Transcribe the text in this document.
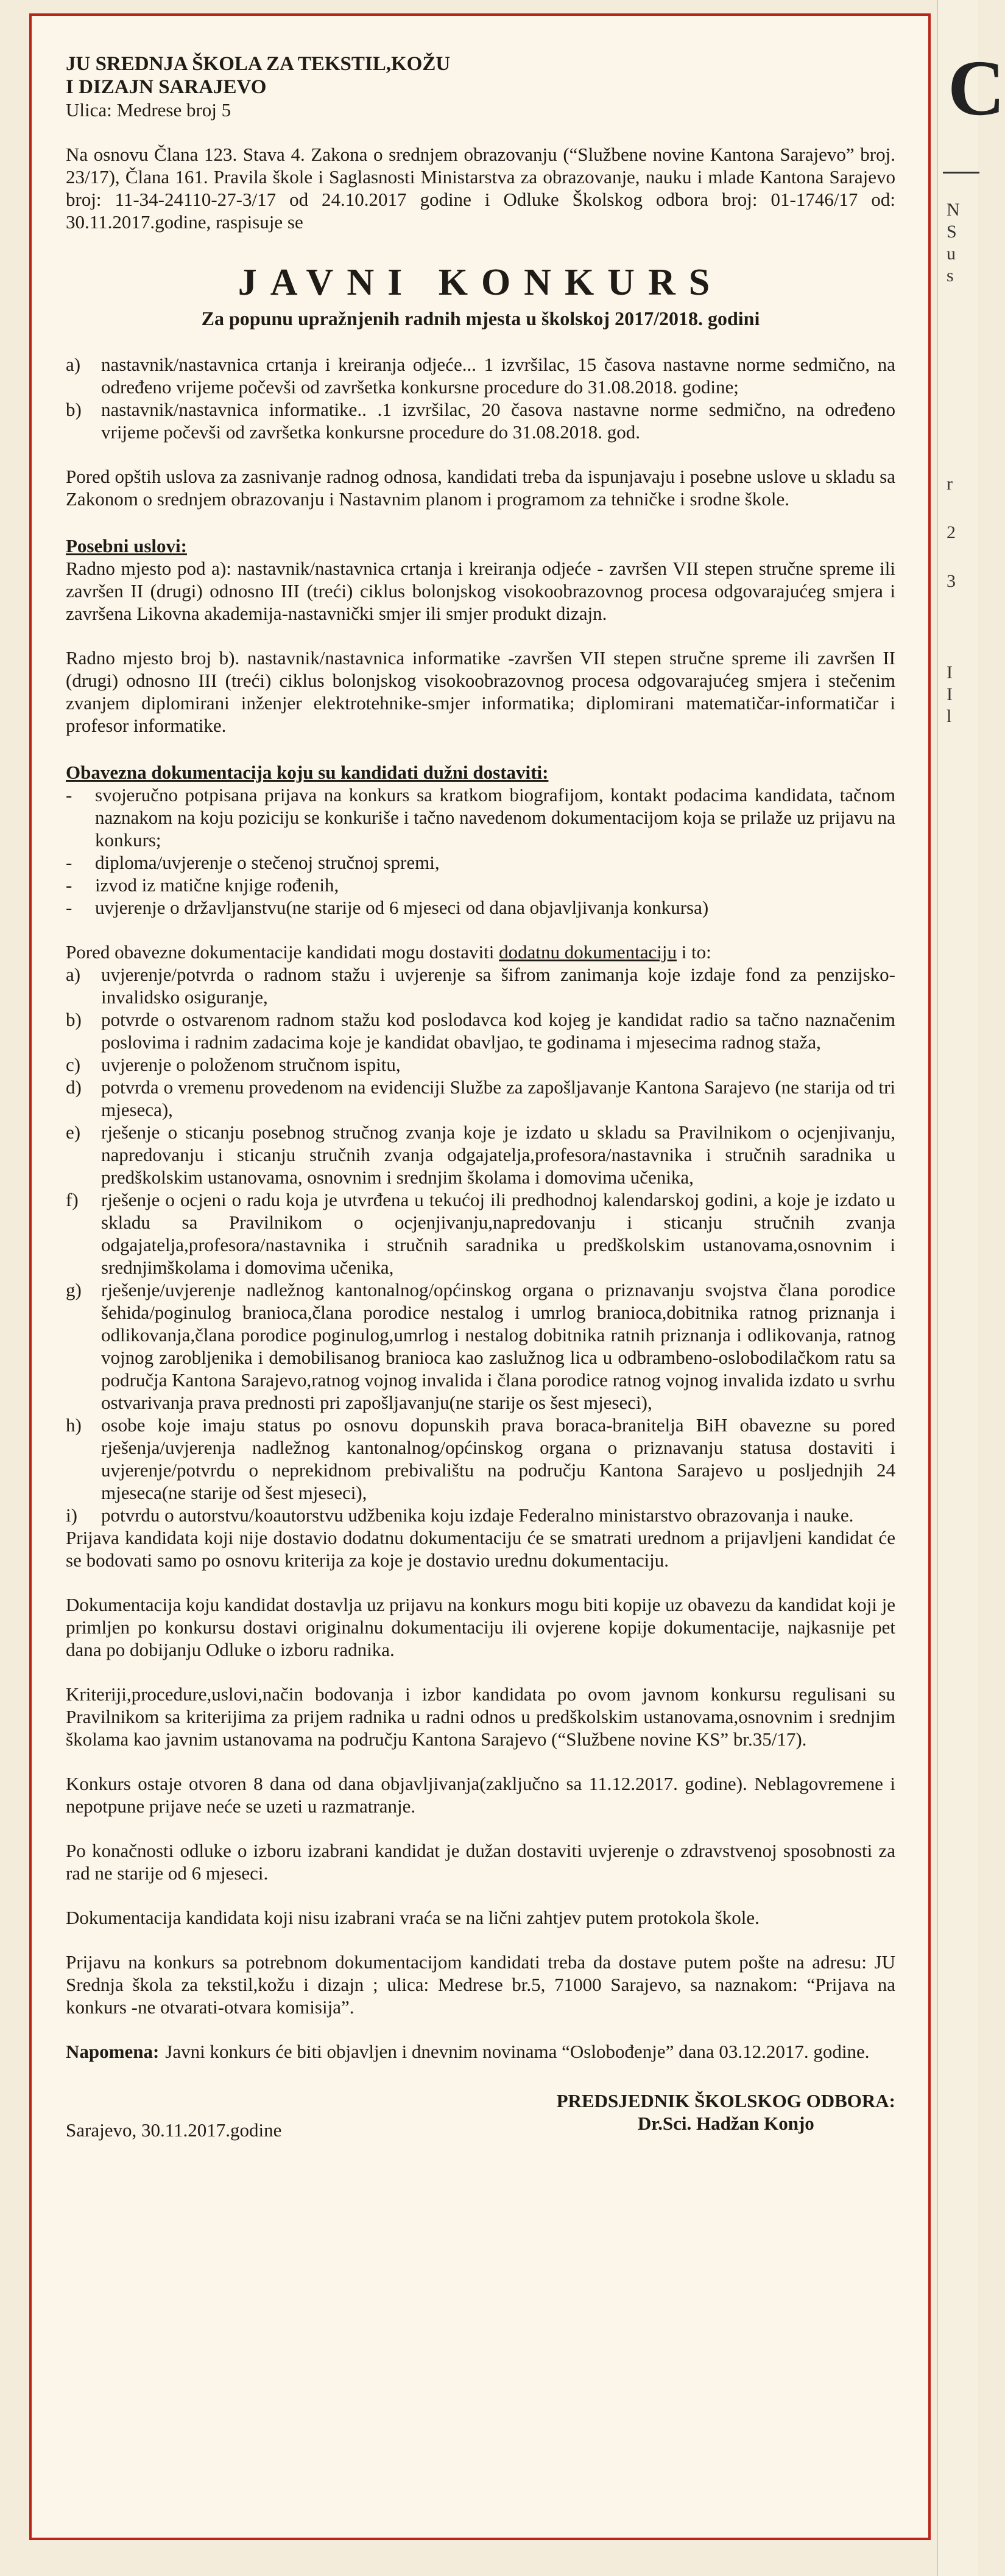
JU SREDNJA ŠKOLA ZA TEKSTIL,KOŽU
I DIZAJN SARAJEVO
Ulica: Medrese broj 5

Na osnovu Člana 123. Stava 4. Zakona o srednjem obrazovanju (“Službene novine Kantona Sarajevo” broj. 23/17), Člana 161. Pravila škole i Saglasnosti Ministarstva za obrazovanje, nauku i mlade Kantona Sarajevo broj: 11-34-24110-27-3/17 od 24.10.2017 godine i Odluke Školskog odbora broj: 01-1746/17 od: 30.11.2017.godine, raspisuje se

JAVNI KONKURS
Za popunu upražnjenih radnih mjesta u školskoj 2017/2018. godini
a)	nastavnik/nastavnica crtanja i kreiranja odjeće... 1 izvršilac, 15 časova nastavne norme sedmično, na određeno vrijeme počevši od završetka konkursne procedure do 31.08.2018. godine;
b)	nastavnik/nastavnica informatike.. .1 izvršilac, 20 časova nastavne norme sedmično, na određeno vrijeme počevši od završetka konkursne procedure do 31.08.2018. god.

Pored opštih uslova za zasnivanje radnog odnosa, kandidati treba da ispunjavaju i posebne uslove u skladu sa Zakonom o srednjem obrazovanju i Nastavnim planom i programom za tehničke i srodne škole.

Posebni uslovi:

Radno mjesto pod a): nastavnik/nastavnica crtanja i kreiranja odjeće - završen VII stepen stručne spreme ili završen II (drugi) odnosno III (treći) ciklus bolonjskog visokoobrazovnog procesa odgovarajućeg smjera i završena Likovna akademija-nastavnički smjer ili smjer produkt dizajn.

Radno mjesto broj b). nastavnik/nastavnica informatike -završen VII stepen stručne spreme ili završen II (drugi) odnosno III (treći) ciklus bolonjskog visokoobrazovnog procesa odgovarajućeg smjera i stečenim zvanjem diplomirani inženjer elektrotehnike-smjer informatika; diplomirani matematičar-informatičar i profesor informatike.

Obavezna dokumentacija koju su kandidati dužni dostaviti:
-	svojeručno potpisana prijava na konkurs sa kratkom biografijom, kontakt podacima kandidata, tačnom naznakom na koju poziciju se konkuriše i tačno navedenom dokumentacijom koja se prilaže uz prijavu na konkurs;
-	diploma/uvjerenje o stečenoj stručnoj spremi,
-	izvod iz matične knjige rođenih,
-	uvjerenje o državljanstvu(ne starije od 6 mjeseci od dana objavljivanja konkursa)

Pored obavezne dokumentacije kandidati mogu dostaviti dodatnu dokumentaciju i to:

a)	uvjerenje/potvrda o radnom stažu i uvjerenje sa šifrom zanimanja koje izdaje fond za penzijsko-invalidsko osiguranje,
b)	potvrde o ostvarenom radnom stažu kod poslodavca kod kojeg je kandidat radio sa tačno naznačenim poslovima i radnim zadacima koje je kandidat obavljao, te godinama i mjesecima radnog staža,
c)	uvjerenje o položenom stručnom ispitu,
d)	potvrda o vremenu provedenom na evidenciji Službe za zapošljavanje Kantona Sarajevo (ne starija od tri mjeseca),
e)	rješenje o sticanju posebnog stručnog zvanja koje je izdato u skladu sa Pravilnikom o ocjenjivanju, napredovanju i sticanju stručnih zvanja odgajatelja,profesora/nastavnika i stručnih saradnika u predškolskim ustanovama, osnovnim i srednjim školama i domovima učenika,
f)	rješenje o ocjeni o radu koja je utvrđena u tekućoj ili predhodnoj kalendarskoj godini, a koje je izdato u skladu sa Pravilnikom o ocjenjivanju,napredovanju i sticanju stručnih zvanja odgajatelja,profesora/nastavnika i stručnih saradnika u predškolskim ustanovama,osnovnim i srednjimškolama i domovima učenika,
g)	rješenje/uvjerenje nadležnog kantonalnog/općinskog organa o priznavanju svojstva člana porodice šehida/poginulog branioca,člana porodice nestalog i umrlog branioca,dobitnika ratnog priznanja i odlikovanja,člana porodice poginulog,umrlog i nestalog dobitnika ratnih priznanja i odlikovanja, ratnog vojnog zarobljenika i demobilisanog branioca kao zaslužnog lica u odbrambeno-oslobodilačkom ratu sa područja Kantona Sarajevo,ratnog vojnog invalida i člana porodice ratnog vojnog invalida izdato u svrhu ostvarivanja prava prednosti pri zapošljavanju(ne starije os šest mjeseci),
h)	osobe koje imaju status po osnovu dopunskih prava boraca-branitelja BiH obavezne su pored rješenja/uvjerenja nadležnog kantonalnog/općinskog organa o priznavanju statusa dostaviti i uvjerenje/potvrdu o neprekidnom prebivalištu na području Kantona Sarajevo u posljednjih 24 mjeseca(ne starije od šest mjeseci),
i)	potvrdu o autorstvu/koautorstvu udžbenika koju izdaje Federalno ministarstvo obrazovanja i nauke.

Prijava kandidata koji nije dostavio dodatnu dokumentaciju će se smatrati urednom a prijavljeni kandidat će se bodovati samo po osnovu kriterija za koje je dostavio urednu dokumentaciju.

Dokumentacija koju kandidat dostavlja uz prijavu na konkurs mogu biti kopije uz obavezu da kandidat koji je primljen po konkursu dostavi originalnu dokumentaciju ili ovjerene kopije dokumentacije, najkasnije pet dana po dobijanju Odluke o izboru radnika.

Kriteriji,procedure,uslovi,način bodovanja i izbor kandidata po ovom javnom konkursu regulisani su Pravilnikom sa kriterijima za prijem radnika u radni odnos u predškolskim ustanovama,osnovnim i srednjim školama kao javnim ustanovama na području Kantona Sarajevo (“Službene novine KS” br.35/17).

Konkurs ostaje otvoren 8 dana od dana objavljivanja(zaključno sa 11.12.2017. godine). Neblagovremene i nepotpune prijave neće se uzeti u razmatranje.

Po konačnosti odluke o izboru izabrani kandidat je dužan dostaviti uvjerenje o zdravstvenoj sposobnosti za rad ne starije od 6 mjeseci.

Dokumentacija kandidata koji nisu izabrani vraća se na lični zahtjev putem protokola škole.

Prijavu na konkurs sa potrebnom dokumentacijom kandidati treba da dostave putem pošte na adresu: JU Srednja škola za tekstil,kožu i dizajn ; ulica: Medrese br.5, 71000 Sarajevo, sa naznakom: “Prijava na konkurs -ne otvarati-otvara komisija”.

Napomena: Javni konkurs će biti objavljen i dnevnim novinama “Oslobođenje” dana 03.12.2017. godine.
Sarajevo, 30.11.2017.godine
PREDSJEDNIK ŠKOLSKOG ODBORA:
Dr.Sci. Hadžan Konjo
C
N
S
u
s
r
2
3
I
I
l
